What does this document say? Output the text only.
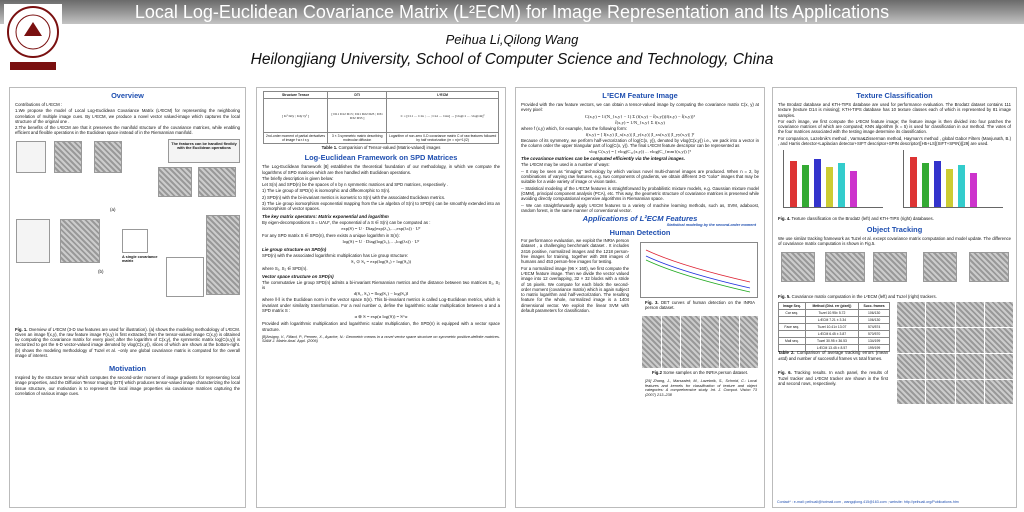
Local Log-Euclidean Covariance Matrix (L²ECM) for Image Representation and Its Applications
Peihua Li,Qilong Wang
Heilongjiang University, School of Computer Science and Technology, China
Overview

Contributions of L²ECM :

1.We propose the model of Local Log-Euclidean Covariance Matrix (L²ECM) for representing the neighboring correlation of multiple image cues. By L²ECM, we produce a novel vector valued-image which captures the local structure of the original one .

2.The benefits of the L²ECM are that it preserves the manifold structure of the covariance matrices, while enabling efficient and flexible operations in the Euclidean space instead of in the Riemannian manifold.

The features can be handled flexibly with the Euclidean operations
(a)
A single covariance matrix
(b)
Fig. 1. Overview of L²ECM (3-D raw features are used for illustration). (a) shows the modeling methodology of L²ECM. Given an image f(x,y), the raw feature image F(x,y) is first extracted; then the tensor-valued image C(x,y) is obtained by computing the covariance matrix for every pixel; after the logarithm of C(x,y), the symmetric matrix log(C(x,y)) is vectorized to get the 6-D vector-valued image denoted by vlog(C(x,y)), slices of which are shown at the bottom-right. (b) shows the modeling methodology of Tuzel et al. −only one global covariance matrix is computed for the overall image of interest.
Motivation
Inspired by the structure tensor which computes the second-order moment of image gradients for representing local image properties, and the Diffusion Tensor Imaging (DTI) which produces tensor-valued image characterizing the local tissue structure, our motivation is to represent the local image properties via covariance matrices capturing the correlation of various image cues.
Structure Tensor	DTI	L²ECM
[ Ix² IxIy ; IxIy Iy² ]	[ D11 D12 D13 ; D21 D22 D23 ; D31 D32 D33 ]	C = [C11 … C1n ; … ; Cn1 … Cnn] → [vlogC1 … vlogCm]ᵀ
2nd-order moment of partial derivatives of image f w.r.t x,y	3 × 3 symmetric matrix describing molecular diffusion	Logarithm of non-zero 0-D covariance matrix C of raw features followed by half vectorization (m = n(n+1)/2)
Table 1. Comparision of Tensor-valued (Matrix-valued) images
Log-Euclidean Framework on SPD Matrices

The Log-Euclidean framework [8] establishes the theoretical foundation of our methodology, in which we compute the logarithms of SPD matrices which are then handled with Euclidean operations.

The briefly description is given below:

Let S(n) and SPD(n) be the spaces of n by n symmetric matrices and SPD matrices, respectively .

1) The Lie group of SPD(n) is isomorphic and diffeomorphic to S(n).

2) SPD(n) with the bi-invariant metrics is isometric to S(n) with the associated Euclidean metrics.

3) The Lie group isomorphism exponential mapping from the Lie algebra of S(n) to SPD(n) can be smoothly extended into an isomorphism of vector spaces.

The key matrix operators: Matrix exponential and logarithm
By eigen-decompositions S = UΛUᵀ, the exponential of a S ∈ S(n) can be computed as :
exp(S) = U · Diag(exp(λ₁),…,exp(λₙ)) · Uᵀ
For any SPD matrix S ∈ SPD(n), there exists a unique logarithm in S(n):
log(S) = U · Diag(log(λ₁),…,log(λₙ)) · Uᵀ
Lie group structure on SPD(n)
SPD(n) with the associated logarithmic multiplication has Lie group structure:
S₁ ⊙ S₂ = exp(log(S₁) + log(S₂))
where S₁, S₂ ∈ SPD(n).
Vector space structure on SPD(n)
The commutative Lie group SPD(n) admits a bi-invariant Riemannian metrics and the distance between two matrices S₁, S₂ is
d(S₁, S₂) = ‖log(S₁) − log(S₂)‖
where ‖·‖ is the Euclidean norm in the vector space S(n). This bi-invariant metrics is called Log-Euclidean metrics, which is invariant under similarity transformation. For a real number α, define the logarithmic scalar multiplication between α and a SPD matrix S :
α ⊛ S = exp(α log(S)) = S^α
Provided with logarithmic multiplication and logarithmic scalar multiplication, the SPD(n) is equipped with a vector space structure.
[8]Arsigny, V., Fillard, P., Pennec, X., Ayache, N.: Geometric means in a novel vector space structure on symmetric positive-definite matrices. SIAM J. Matrix Anal. Appl. (2006)
L²ECM Feature Image
Provided with the raw feature vectors, we can obtain a tensor-valued image by computing the covariance matrix C(x, y) at every pixel:
C(x,y) = 1/(N_{x,y} − 1) Σ (f(x,y) − f̄(x,y))(f(x,y) − f̄(x,y))ᵀ
f̄(x,y) = 1/N_{x,y} Σ f(x,y)
where f (x,y) which, for example, has the following form:
f(x,y) = [ I(x,y) |I_x(x,y)| |I_y(x,y)| |I_xx(x,y)| |I_yy(x,y)| ]ᵀ
Because of its symmetry, we perform half-vectorization of log(C(x, y)), denoted by vlog(C(x,y)) i.e., we pack into a vector in the column order the upper triangular part of log(C(x, y)). The final L²ECM feature descriptor can be represented as
vlog C(x,y) = [ vlog(C₁₁(x,y)) ... vlog(C_{mm}(x,y)) ]ᵀ
The covariance matrices can be computed efficiently via the integral images.

The L²ECM may be used in a number of ways:

-- It may be seen as "imaging" technology by which various novel multi-channel images are produced. When n = 2, by combinations of varying raw features, e.g. two components of gradients, we obtain different 3-D "color" images that may be suitable for a wide variety of image or vision tasks.

-- Statistical modeling of the L²ECM features is straightforward by probabilistic mixture models, e.g. Gaussian mixture model (GMM), principal component analysis (PCA), etc. This way, the geometric structure of covariance matrices is preserved while avoiding directly computational expensive algorithms in Riemannian space.

-- We can straightforwardly apply L²ECM features to a variety of machine learning methods, such as, SVM, adaboost, random forest, in the same manner of conventional vector.

Applications of L²ECM Features
Statistical modeling by the second-order moment
Human Detection

For performance evaluation, we exploit the INRIA person dataset , a challenging benchmark dataset . It includes 2416 positive, normalized images and the 1218 person-free images for training, together with 288 images of humans and 453 person-free images for testing.

For a normalized image (96 × 160), we first compute the L²ECM feature image. Then we divide the vector valued image into 12 overlapping, 32 × 32 blocks with a stride of 16 pixels. We compute for each block the second-order moment (covariance matrix) which is again subject to matrix logarithm and half-vectorization. The resulting feature for the whole, normalized image is a 1404 dimensional vector. We exploit the linear SVM with default parameters for classification.

Fig. 3. DET curves of human detection on the INRIA person dataset.
Fig.2 Some samples on the INRIA person dataset.
[29] Zhang, J., Marszalek, M., Lazebnik, S., Schmid, C.: Local features and kernels for classification of texture and object categories: A comprehensive study. Int. J. Comput. Vision 73 (2007) 213–238
Texture Classification

The Brodatz database and KTH-TIPS database are used for performance evaluation. The Brodatz dataset contains 111 texture (texture D14 is missing); KTH-TIPS database has 10 texture classes each of which is represented by 81 image samples.

For each image, we first compute the L²ECM feature image; the feature image is then divided into four patches the covariance matrices of which are computed; KNN algorithm (k = 5) is used for classification in our method. The votes of the four matrices associated with the testing image determine its classification.

For comparison, Lazebnik's method , Varma&Zisserman method, Hayman's method , global Gabor Filters (Manjunath, B.) , and Harris detector+Laplacian detector+SIFT descriptor+SPIN descriptor([H5+LS](SIFT+SPIN))[29] are used.

Fig. 4. Texture classification on the Brodatz (left) and KTH-TIPS (right) databases.
Object Tracking
We use similar tracking framework as Tuzel et al. except covariance matrix computation and model update. The difference of covariance matrix computation is shown in Fig.5.
Fig. 5. Covariance matrix computation in the L²ECM (left) and Tuzel (right) trackers.
Image Seq.	Method (Dist. err (pixel))	Succ. frames
Car seq.	Tuzel 10.95± 5.72	106/130
	L²ECM 7.21 ± 3.34	106/130
Face seq.	Tuzel 10.41± 13.07	574/574
	L²ECM 6.45 ± 3.87	570/570
Mall seq.	Tuzel 30.95 ± 36.53	134/199
	L²ECM 13.45 ± 8.57	199/199
Table 2. Comparison of average tracking errors (mean ±std) and number of successful frames vs total frames.
Fig. 6. Tracking results. In each panel, the results of Tuzel tracker and L²ECM tracker are shown in the first and second rows, respectively.
Contact* : e-mail: peihuali@hotmail.com , wangqilong.415@163.com ; website: http://peihuali.org/Publications.htm
